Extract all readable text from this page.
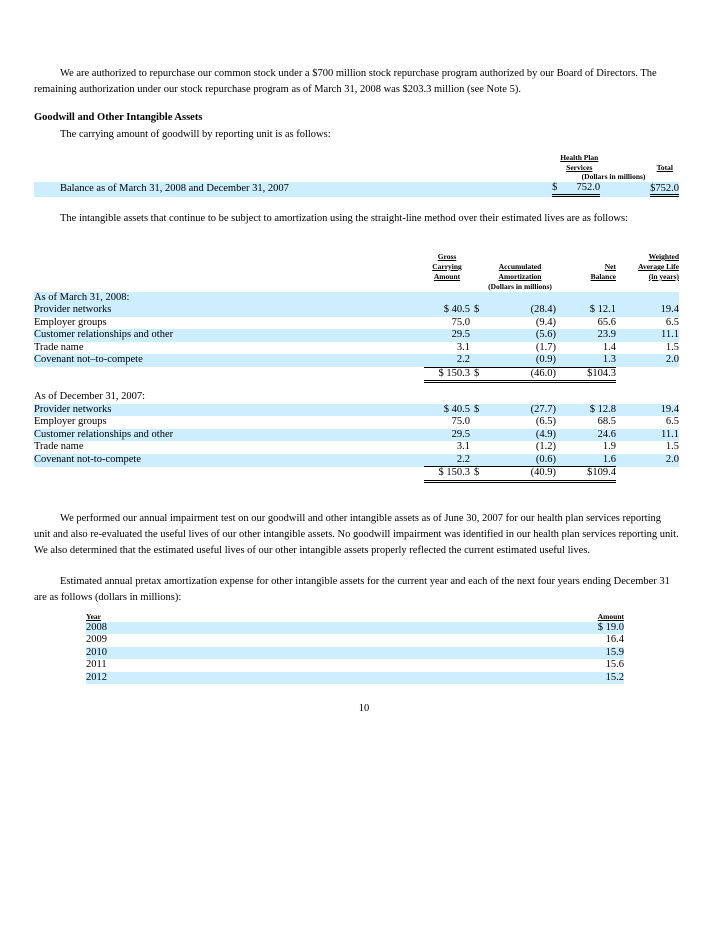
We are authorized to repurchase our common stock under a $700 million stock repurchase program authorized by our Board of Directors. The remaining authorization under our stock repurchase program as of March 31, 2008 was $203.3 million (see Note 5).

Goodwill and Other Intangible Assets

The carrying amount of goodwill by reporting unit is as follows:

	Health Plan Services	Total
	(Dollars in millions)	
Balance as of March 31, 2008 and December 31, 2007	$ 752.0	$752.0

The intangible assets that continue to be subject to amortization using the straight-line method over their estimated lives are as follows:

	Gross Carrying Amount		Accumulated Amortization	Net Balance	Weighted Average Life (in years)
	(Dollars in millions)				
As of March 31, 2008:					
Provider networks	$ 40.5	$	(28.4)	$ 12.1	19.4
Employer groups	75.0		(9.4)	65.6	6.5
Customer relationships and other	29.5		(5.6)	23.9	11.1
Trade name	3.1		(1.7)	1.4	1.5
Covenant not–to-compete	2.2		(0.9)	1.3	2.0
	$ 150.3	$	(46.0)	$104.3	

As of December 31, 2007:					
Provider networks	$ 40.5	$	(27.7)	$ 12.8	19.4
Employer groups	75.0		(6.5)	68.5	6.5
Customer relationships and other	29.5		(4.9)	24.6	11.1
Trade name	3.1		(1.2)	1.9	1.5
Covenant not-to-compete	2.2		(0.6)	1.6	2.0
	$ 150.3	$	(40.9)	$109.4	

We performed our annual impairment test on our goodwill and other intangible assets as of June 30, 2007 for our health plan services reporting unit and also re-evaluated the useful lives of our other intangible assets. No goodwill impairment was identified in our health plan services reporting unit. We also determined that the estimated useful lives of our other intangible assets properly reflected the current estimated useful lives.

Estimated annual pretax amortization expense for other intangible assets for the current year and each of the next four years ending December 31 are as follows (dollars in millions):

Year	Amount
2008	$ 19.0
2009	16.4
2010	15.9
2011	15.6
2012	15.2
10
